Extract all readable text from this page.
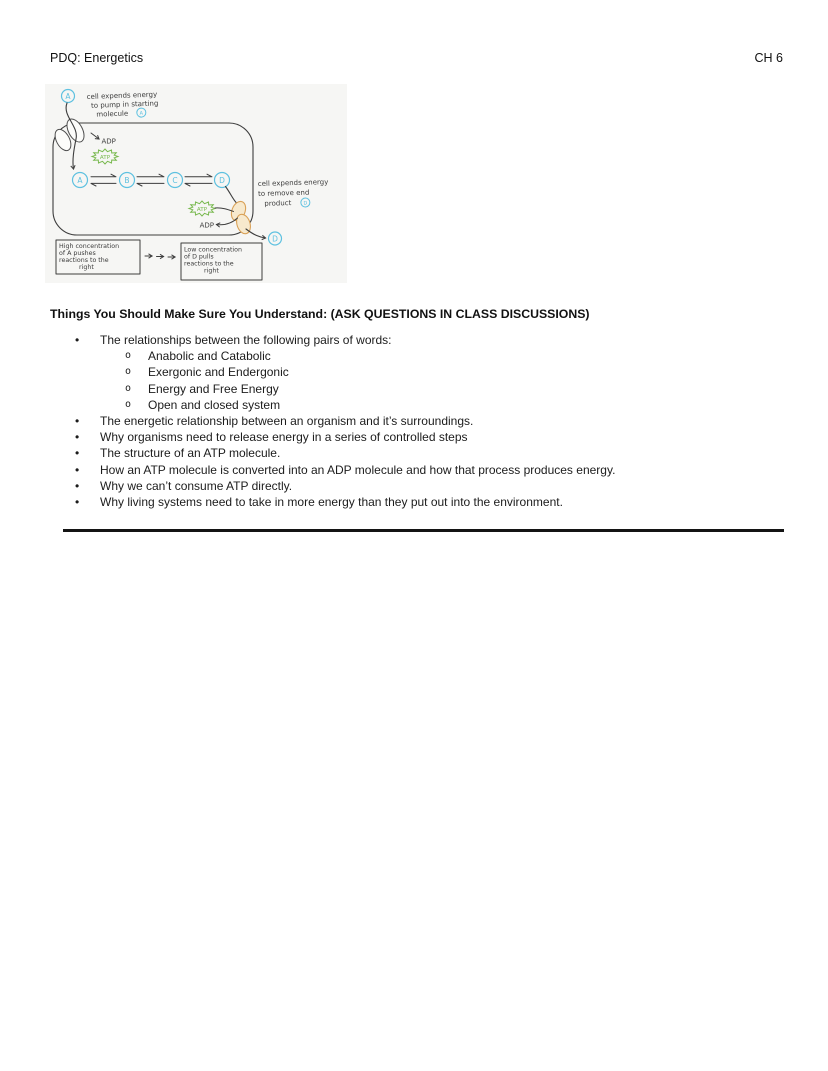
PDQ: Energetics	CH 6
A cell expends energy
to pump in starting
molecule A
ADP
ATP
A	B	C	D
ATP
ADP
D
cell expends energy
to remove end
product D
High concentration
of A pushes
reactions to the
right
Low concentration
of D pulls
reactions to the
right
Things You Should Make Sure You Understand: (ASK QUESTIONS IN CLASS DISCUSSIONS)
•	The relationships between the following pairs of words:
o	Anabolic and Catabolic
o	Exergonic and Endergonic
o	Energy and Free Energy
o	Open and closed system
•	The energetic relationship between an organism and it’s surroundings.
•	Why organisms need to release energy in a series of controlled steps
•	The structure of an ATP molecule.
•	How an ATP molecule is converted into an ADP molecule and how that process produces energy.
•	Why we can’t consume ATP directly.
•	Why living systems need to take in more energy than they put out into the environment.
